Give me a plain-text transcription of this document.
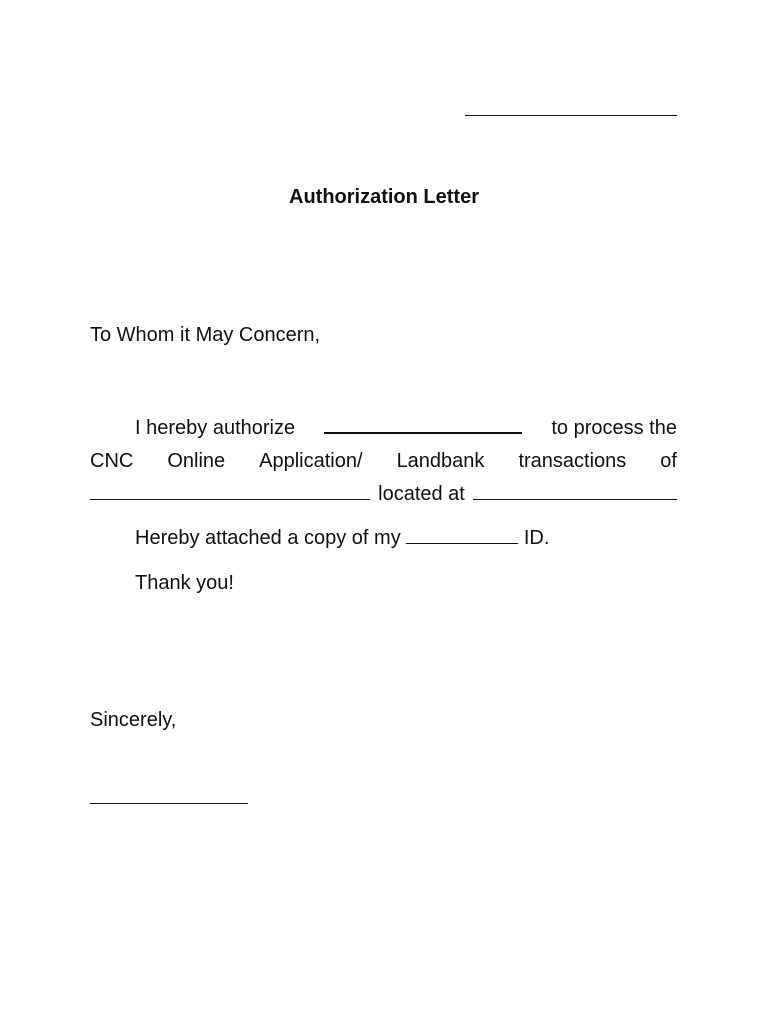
Authorization Letter
To Whom it May Concern,
I hereby authorize	to process the
CNC Online Application/ Landbank transactions of
located at
Hereby attached a copy of my	ID.
Thank you!
Sincerely,
